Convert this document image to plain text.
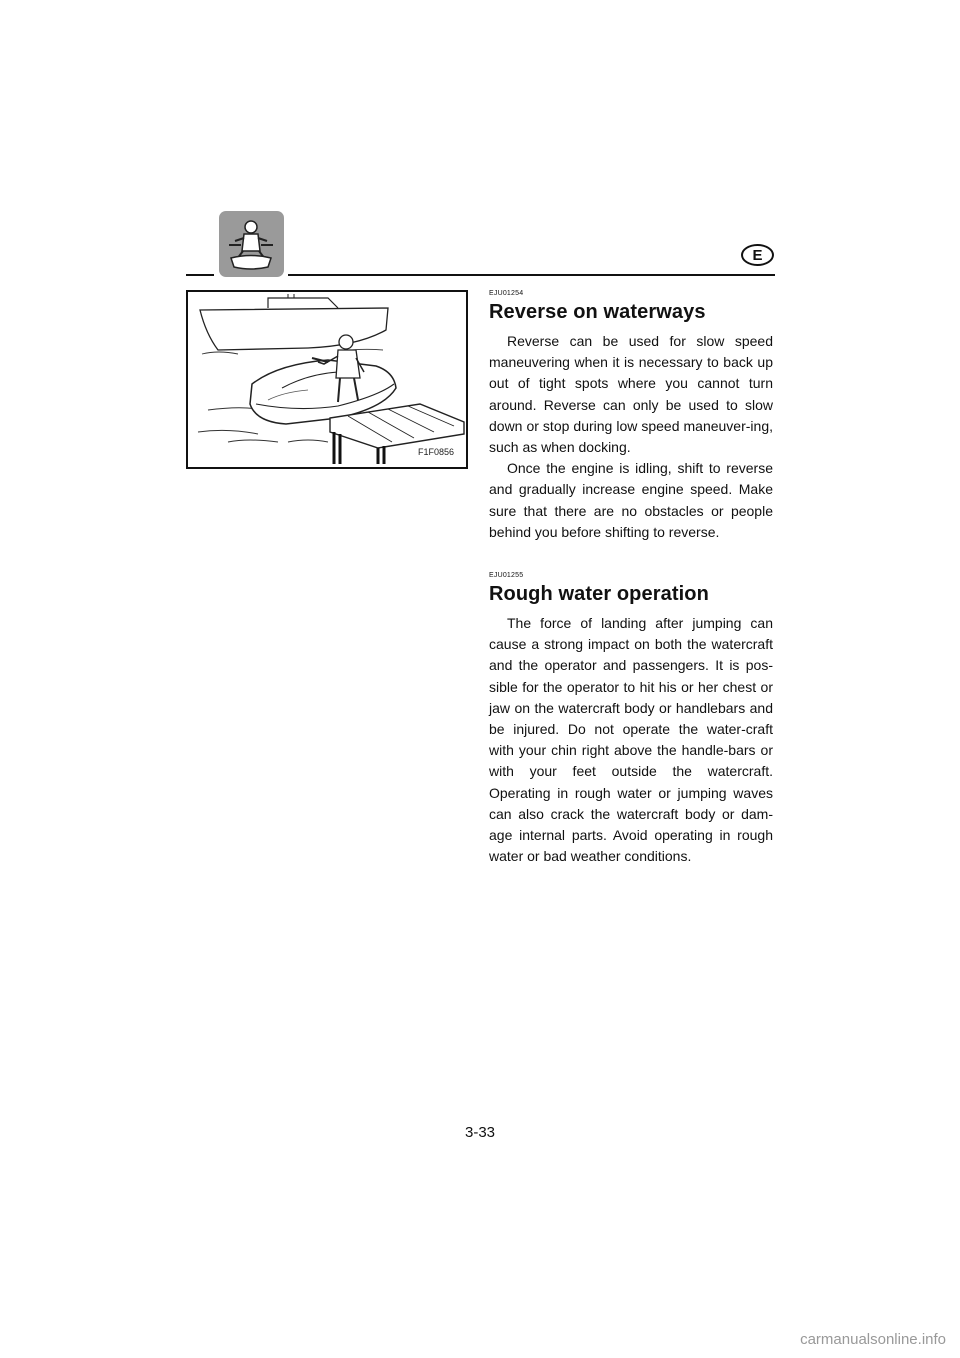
E
F1F0856
EJU01254
Reverse on waterways

Reverse can be used for slow speed maneuvering when it is necessary to back up out of tight spots where you cannot turn around. Reverse can only be used to slow down or stop during low speed maneuver-ing, such as when docking.

Once the engine is idling, shift to reverse and gradually increase engine speed. Make sure that there are no obstacles or people behind you before shifting to reverse.

EJU01255
Rough water operation

The force of landing after jumping can cause a strong impact on both the watercraft and the operator and passengers. It is pos-sible for the operator to hit his or her chest or jaw on the watercraft body or handlebars and be injured. Do not operate the water-craft with your chin right above the handle-bars or with your feet outside the watercraft. Operating in rough water or jumping waves can also crack the watercraft body or dam-age internal parts. Avoid operating in rough water or bad weather conditions.

3-33
carmanualsonline.info
